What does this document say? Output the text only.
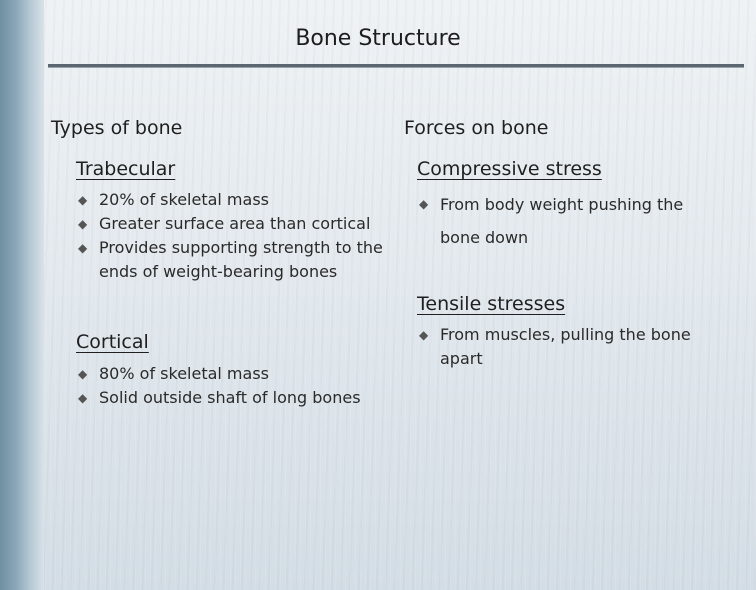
Bone Structure
Types of bone
Trabecular
◆ 20% of skeletal mass
◆ Greater surface area than cortical
◆ Provides supporting strength to the ends of weight-bearing bones
Cortical
◆ 80% of skeletal mass
◆ Solid outside shaft of long bones
Forces on bone
Compressive stress
◆ From body weight pushing the bone down
Tensile stresses
◆ From muscles, pulling the bone apart
